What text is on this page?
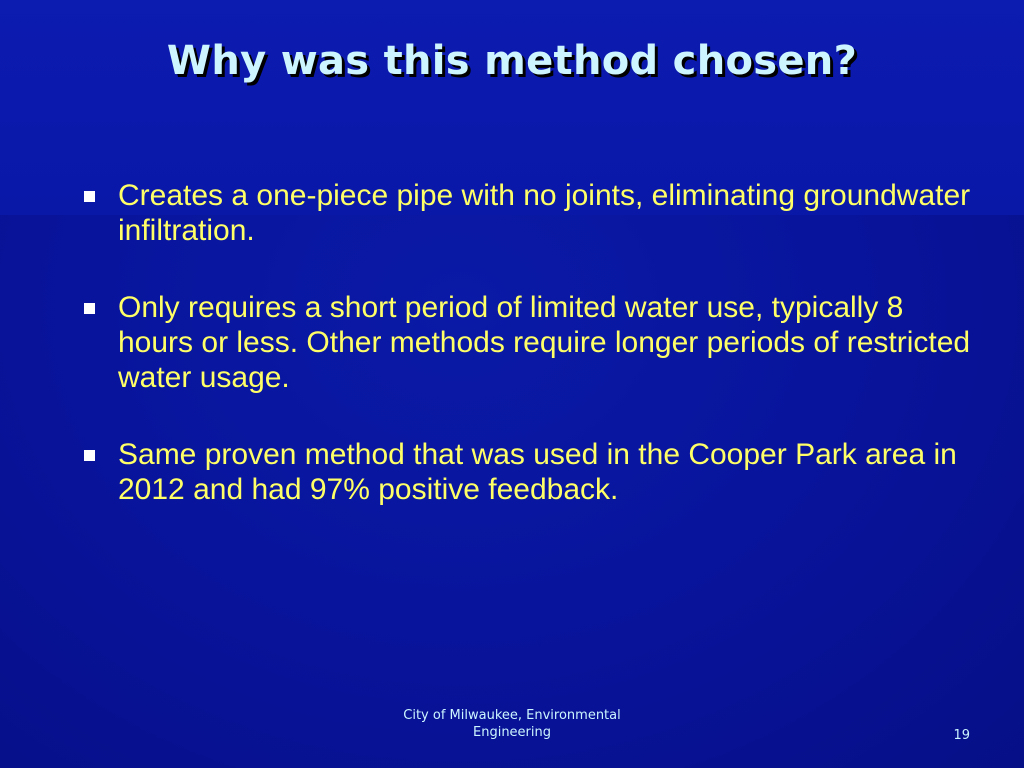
Why was this method chosen?
Creates a one-piece pipe with no joints, eliminating groundwater infiltration.
Only requires a short period of limited water use, typically 8 hours or less. Other methods require longer periods of restricted water usage.
Same proven method that was used in the Cooper Park area in 2012 and had 97% positive feedback.
City of Milwaukee, Environmental
Engineering	19
